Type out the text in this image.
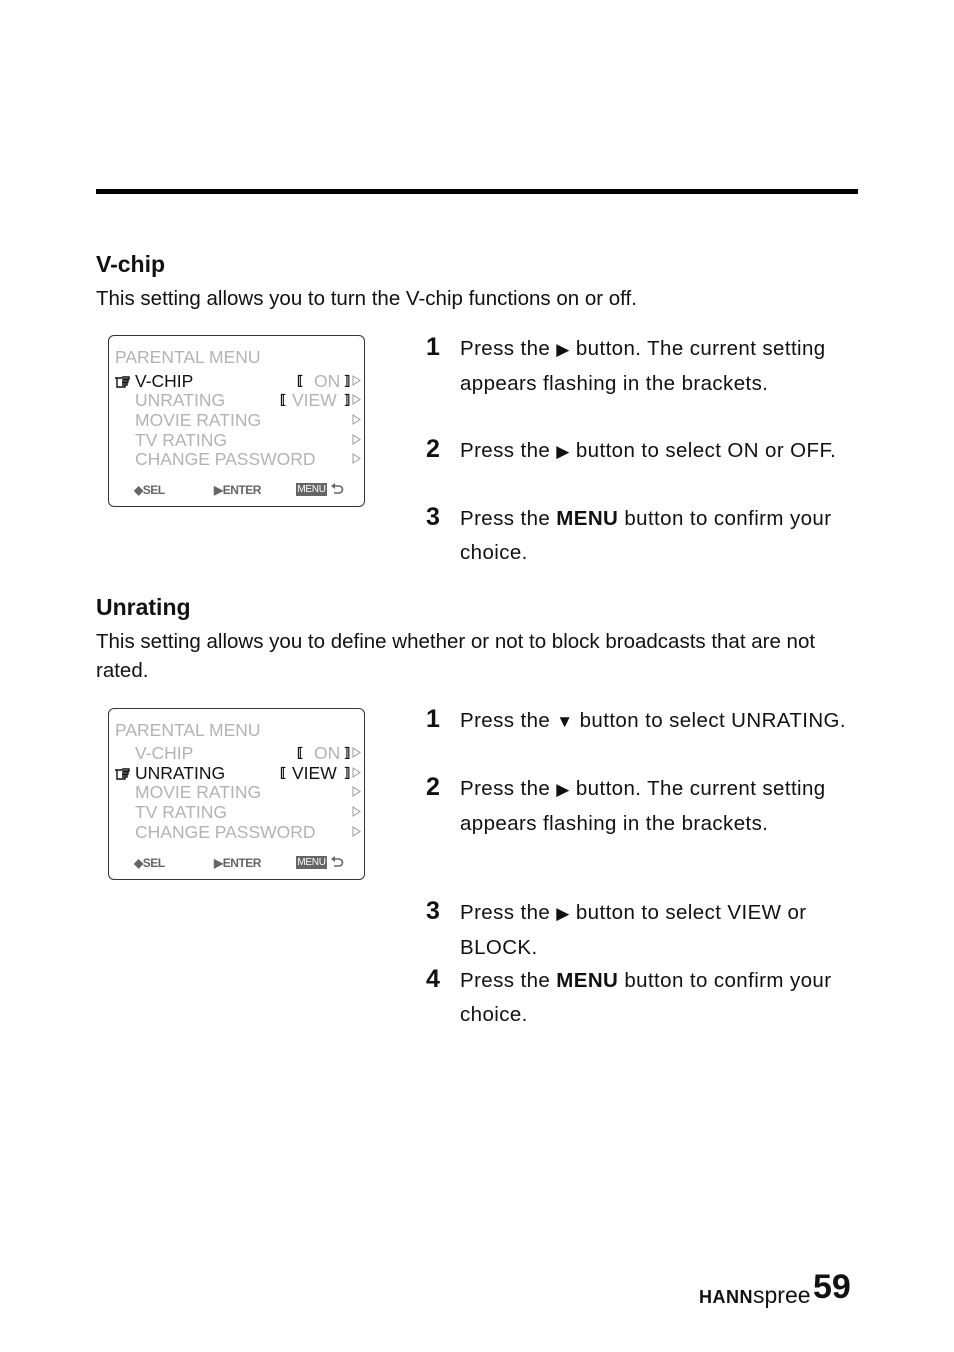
V-chip

This setting allows you to turn the V-chip functions on or off.

PARENTAL MENU
V-CHIP	⟦ ON ⟧
UNRATING	⟦ VIEW ⟧
MOVIE RATING
TV RATING
CHANGE PASSWORD
◆SEL	▶ENTER	MENU
1 Press the ▶ button. The current setting appears flashing in the brackets.
2 Press the ▶ button to select ON or OFF.
3 Press the MENU button to confirm your choice.
Unrating

This setting allows you to define whether or not to block broadcasts that are not rated.

PARENTAL MENU
V-CHIP	⟦ ON ⟧
UNRATING	⟦ VIEW ⟧
MOVIE RATING
TV RATING
CHANGE PASSWORD
◆SEL	▶ENTER	MENU
1 Press the ▼ button to select UNRATING.
2 Press the ▶ button. The current setting appears flashing in the brackets.
3 Press the ▶ button to select VIEW or BLOCK.
4 Press the MENU button to confirm your choice.
HANNspree 59
